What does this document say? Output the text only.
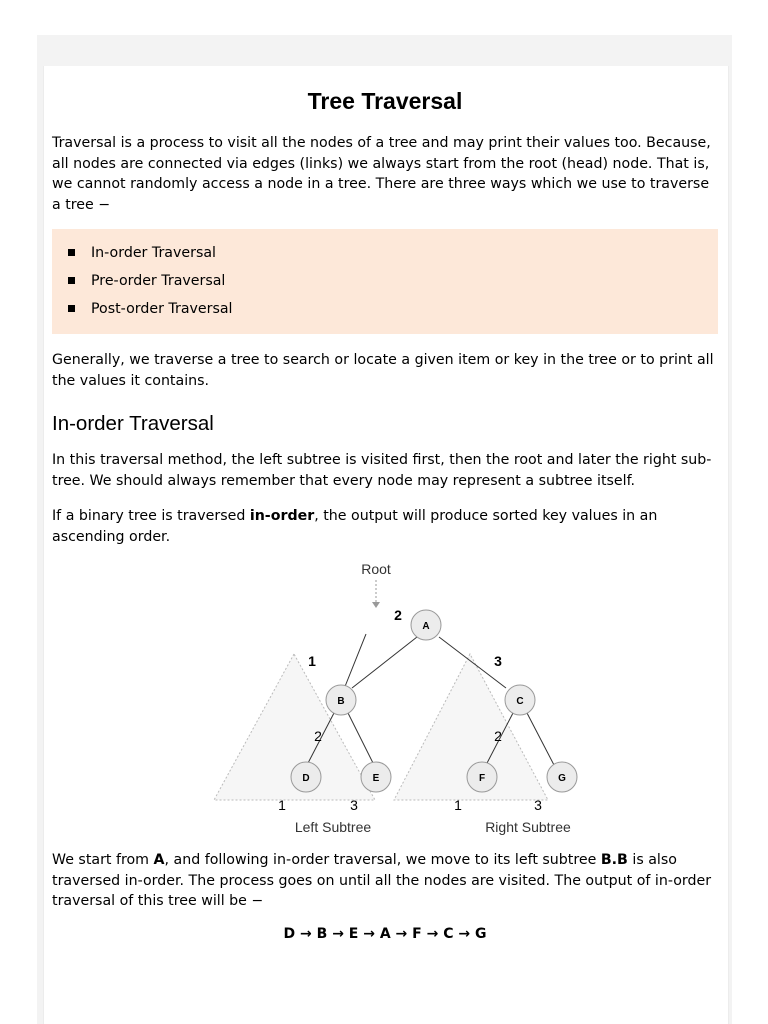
Tree Traversal

Traversal is a process to visit all the nodes of a tree and may print their values too. Because, all nodes are connected via edges (links) we always start from the root (head) node. That is, we cannot randomly access a node in a tree. There are three ways which we use to traverse a tree −

In-order Traversal
Pre-order Traversal
Post-order Traversal

Generally, we traverse a tree to search or locate a given item or key in the tree or to print all the values it contains.

In-order Traversal

In this traversal method, the left subtree is visited first, then the root and later the right sub-tree. We should always remember that every node may represent a subtree itself.

If a binary tree is traversed in-order, the output will produce sorted key values in an ascending order.

Root
A
B	C
D	E	F	G
2
1	3
2	2
1	3	1	3
Left Subtree	Right Subtree

We start from A, and following in-order traversal, we move to its left subtree B.B is also traversed in-order. The process goes on until all the nodes are visited. The output of in-order traversal of this tree will be −

D → B → E → A → F → C → G
